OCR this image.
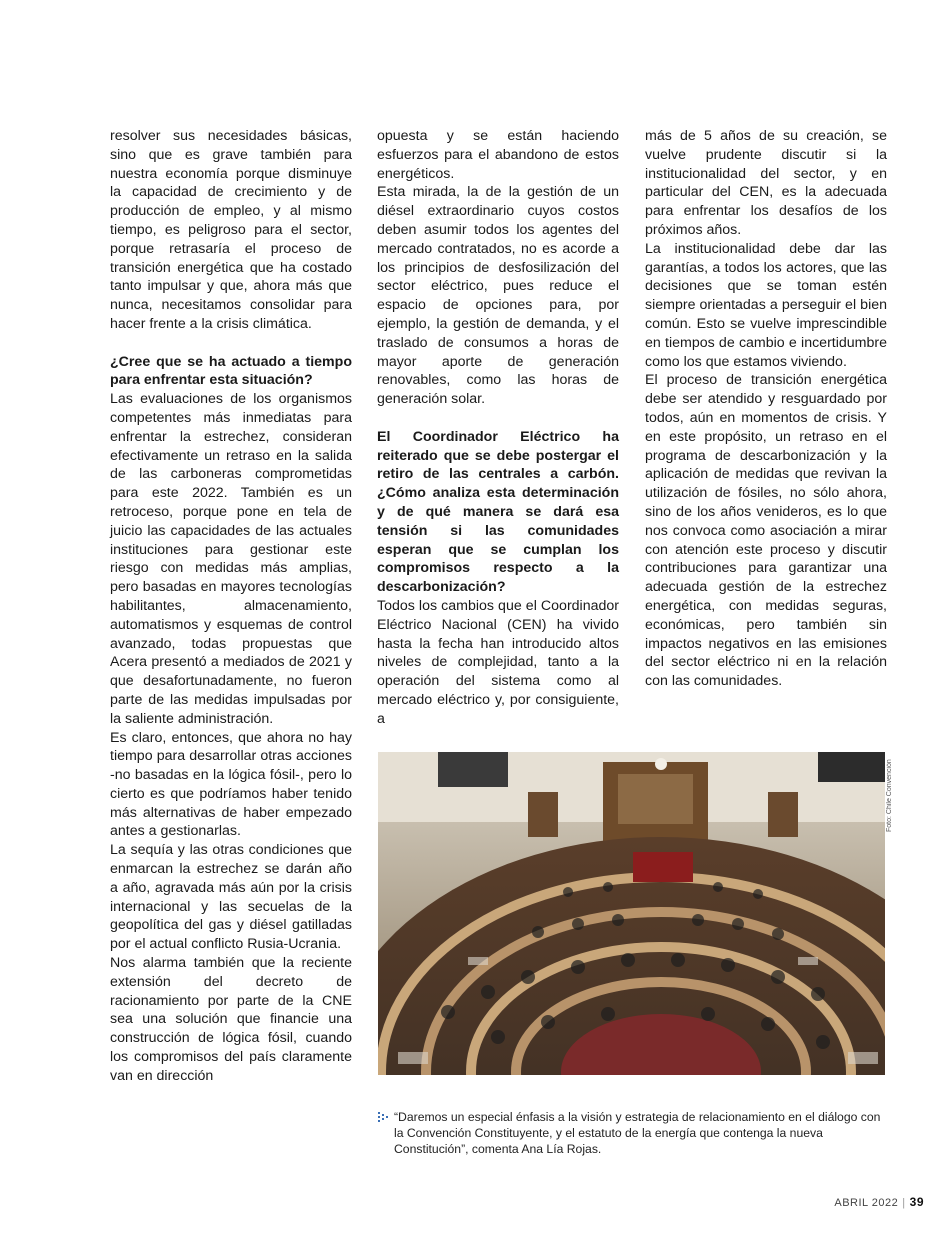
resolver sus necesidades básicas, sino que es grave también para nuestra economía porque disminuye la capacidad de crecimiento y de producción de empleo, y al mismo tiempo, es peligroso para el sector, porque retrasaría el proceso de transición energética que ha costado tanto impulsar y que, ahora más que nunca, necesitamos consolidar para hacer frente a la crisis climática.

¿Cree que se ha actuado a tiempo para enfrentar esta situación?

Las evaluaciones de los organismos competentes más inmediatas para enfrentar la estrechez, consideran efectivamente un retraso en la salida de las carboneras comprometidas para este 2022. También es un retroceso, porque pone en tela de juicio las capacidades de las actuales instituciones para gestionar este riesgo con medidas más amplias, pero basadas en mayores tecnologías habilitantes, almacenamiento, automatismos y esquemas de control avanzado, todas propuestas que Acera presentó a mediados de 2021 y que desafortunadamente, no fueron parte de las medidas impulsadas por la saliente administración.

Es claro, entonces, que ahora no hay tiempo para desarrollar otras acciones -no basadas en la lógica fósil-, pero lo cierto es que podríamos haber tenido más alternativas de haber empezado antes a gestionarlas.

La sequía y las otras condiciones que enmarcan la estrechez se darán año a año, agravada más aún por la crisis internacional y las secuelas de la geopolítica del gas y diésel gatilladas por el actual conflicto Rusia-Ucrania.

Nos alarma también que la reciente extensión del decreto de racionamiento por parte de la CNE sea una solución que financie una construcción de lógica fósil, cuando los compromisos del país claramente van en dirección

opuesta y se están haciendo esfuerzos para el abandono de estos energéticos.

Esta mirada, la de la gestión de un diésel extraordinario cuyos costos deben asumir todos los agentes del mercado contratados, no es acorde a los principios de desfosilización del sector eléctrico, pues reduce el espacio de opciones para, por ejemplo, la gestión de demanda, y el traslado de consumos a horas de mayor aporte de generación renovables, como las horas de generación solar.

El Coordinador Eléctrico ha reiterado que se debe postergar el retiro de las centrales a carbón. ¿Cómo analiza esta determinación y de qué manera se dará esa tensión si las comunidades esperan que se cumplan los compromisos respecto a la descarbonización?

Todos los cambios que el Coordinador Eléctrico Nacional (CEN) ha vivido hasta la fecha han introducido altos niveles de complejidad, tanto a la operación del sistema como al mercado eléctrico y, por consiguiente, a

más de 5 años de su creación, se vuelve prudente discutir si la institucionalidad del sector, y en particular del CEN, es la adecuada para enfrentar los desafíos de los próximos años.

La institucionalidad debe dar las garantías, a todos los actores, que las decisiones que se toman estén siempre orientadas a perseguir el bien común. Esto se vuelve imprescindible en tiempos de cambio e incertidumbre como los que estamos viviendo.

El proceso de transición energética debe ser atendido y resguardado por todos, aún en momentos de crisis. Y en este propósito, un retraso en el programa de descarbonización y la aplicación de medidas que revivan la utilización de fósiles, no sólo ahora, sino de los años venideros, es lo que nos convoca como asociación a mirar con atención este proceso y discutir contribuciones para garantizar una adecuada gestión de la estrechez energética, con medidas seguras, económicas, pero también sin impactos negativos en las emisiones del sector eléctrico ni en la relación con las comunidades.

Foto: Chile Convención
“Daremos un especial énfasis a la visión y estrategia de relacionamiento en el diálogo con la Convención Constituyente, y el estatuto de la energía que contenga la nueva Constitución”, comenta Ana Lía Rojas.
ABRIL 2022 | 39
